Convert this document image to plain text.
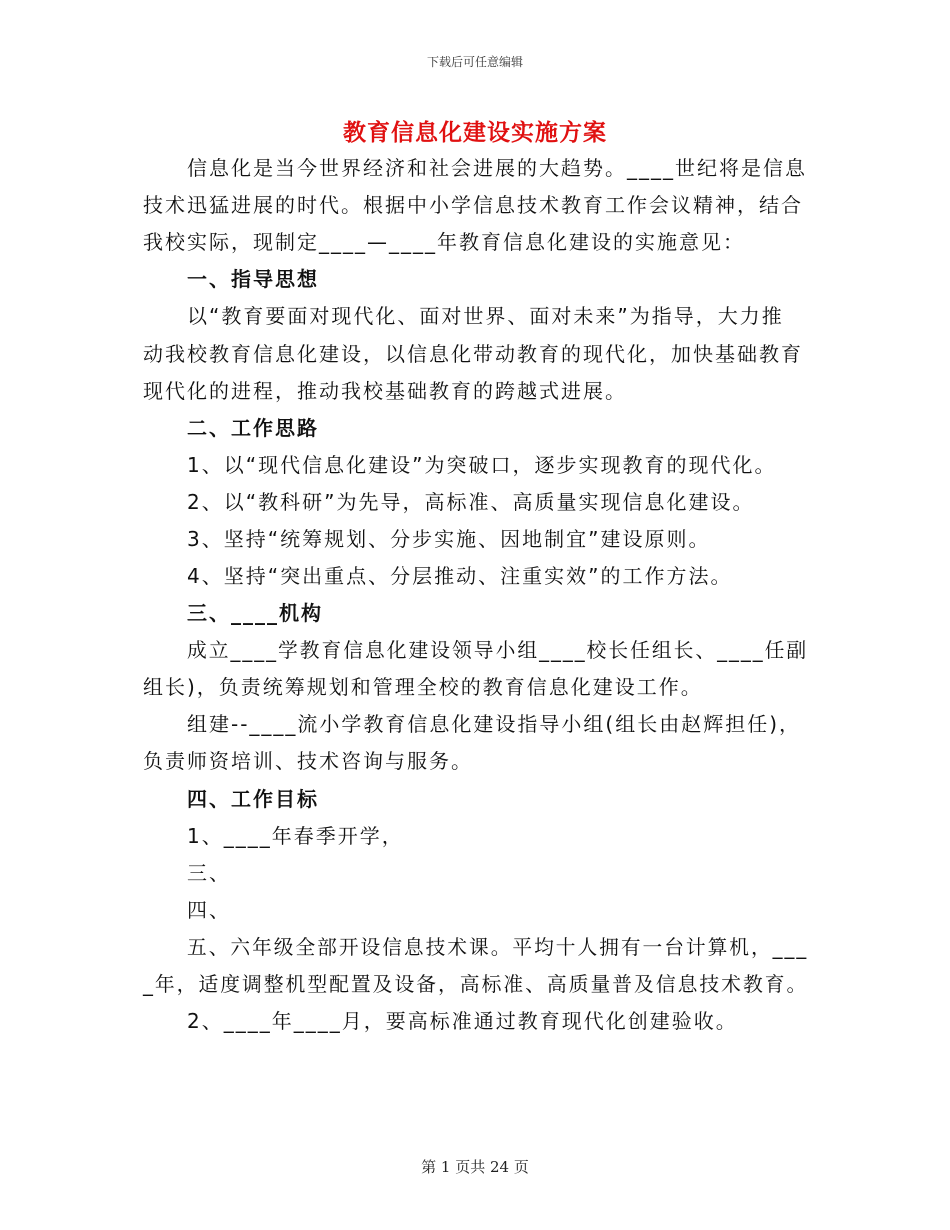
下载后可任意编辑
教育信息化建设实施方案
信息化是当今世界经济和社会进展的大趋势。____世纪将是信息
技术迅猛进展的时代。根据中小学信息技术教育工作会议精神，结合
我校实际，现制定____—____年教育信息化建设的实施意见：
一、指导思想
以“教育要面对现代化、面对世界、面对未来”为指导，大力推
动我校教育信息化建设，以信息化带动教育的现代化，加快基础教育
现代化的进程，推动我校基础教育的跨越式进展。
二、工作思路
1、以“现代信息化建设”为突破口，逐步实现教育的现代化。
2、以“教科研”为先导，高标准、高质量实现信息化建设。
3、坚持“统筹规划、分步实施、因地制宜”建设原则。
4、坚持“突出重点、分层推动、注重实效”的工作方法。
三、____机构
成立____学教育信息化建设领导小组____校长任组长、____任副
组长)，负责统筹规划和管理全校的教育信息化建设工作。
组建--____流小学教育信息化建设指导小组(组长由赵辉担任)，
负责师资培训、技术咨询与服务。
四、工作目标
1、____年春季开学，
三、
四、
五、六年级全部开设信息技术课。平均十人拥有一台计算机，___
_年，适度调整机型配置及设备，高标准、高质量普及信息技术教育。
2、____年____月，要高标准通过教育现代化创建验收。
第 1 页共 24 页
